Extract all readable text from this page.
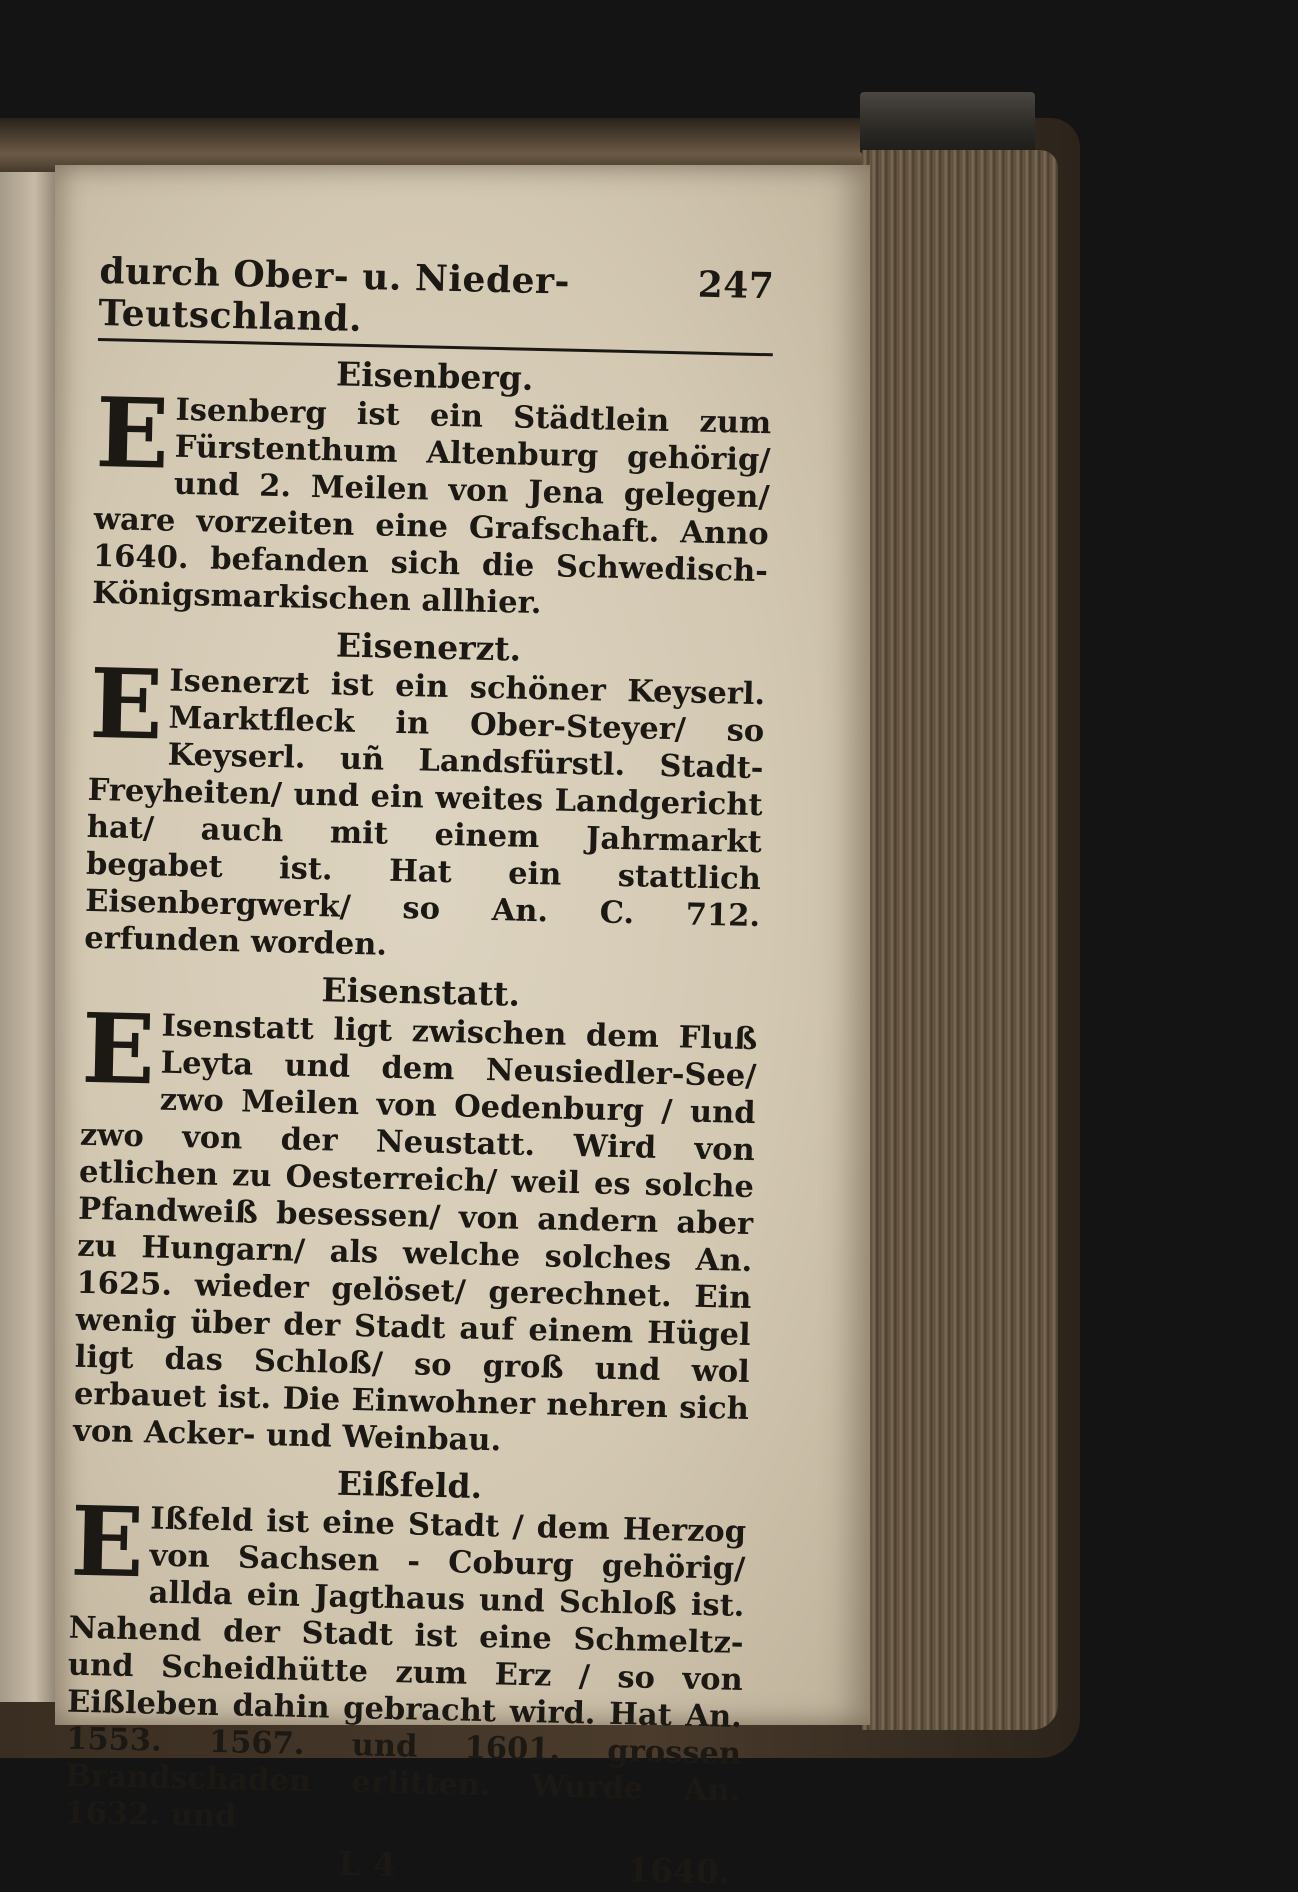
durch Ober- u. Nieder-Teutschland.
247
Eisenberg.

E Isenberg ist ein Städtlein zum Fürstenthum Altenburg gehörig/ und 2. Meilen von Jena gelegen/ ware vorzeiten eine Grafschaft. Anno 1640. befanden sich die Schwedisch-Königsmarkischen allhier.

Eisenerzt.

E Isenerzt ist ein schöner Keyserl. Marktfleck in Ober-Steyer/ so Keyserl. uñ Landsfürstl. Stadt-Freyheiten/ und ein weites Landgericht hat/ auch mit einem Jahrmarkt begabet ist. Hat ein stattlich Eisenbergwerk/ so An. C. 712. erfunden worden.

Eisenstatt.

E Isenstatt ligt zwischen dem Fluß Leyta und dem Neusiedler-See/ zwo Meilen von Oedenburg / und zwo von der Neustatt. Wird von etlichen zu Oesterreich/ weil es solche Pfandweiß besessen/ von andern aber zu Hungarn/ als welche solches An. 1625. wieder gelöset/ gerechnet. Ein wenig über der Stadt auf einem Hügel ligt das Schloß/ so groß und wol erbauet ist. Die Einwohner nehren sich von Acker- und Weinbau.

Eißfeld.

E Ißfeld ist eine Stadt / dem Herzog von Sachsen - Coburg gehörig/ allda ein Jagthaus und Schloß ist. Nahend der Stadt ist eine Schmeltz- und Scheidhütte zum Erz / so von Eißleben dahin gebracht wird. Hat An. 1553. 1567. und 1601. grossen Brandschaden erlitten. Wurde An. 1632. und

L 4	1640.
